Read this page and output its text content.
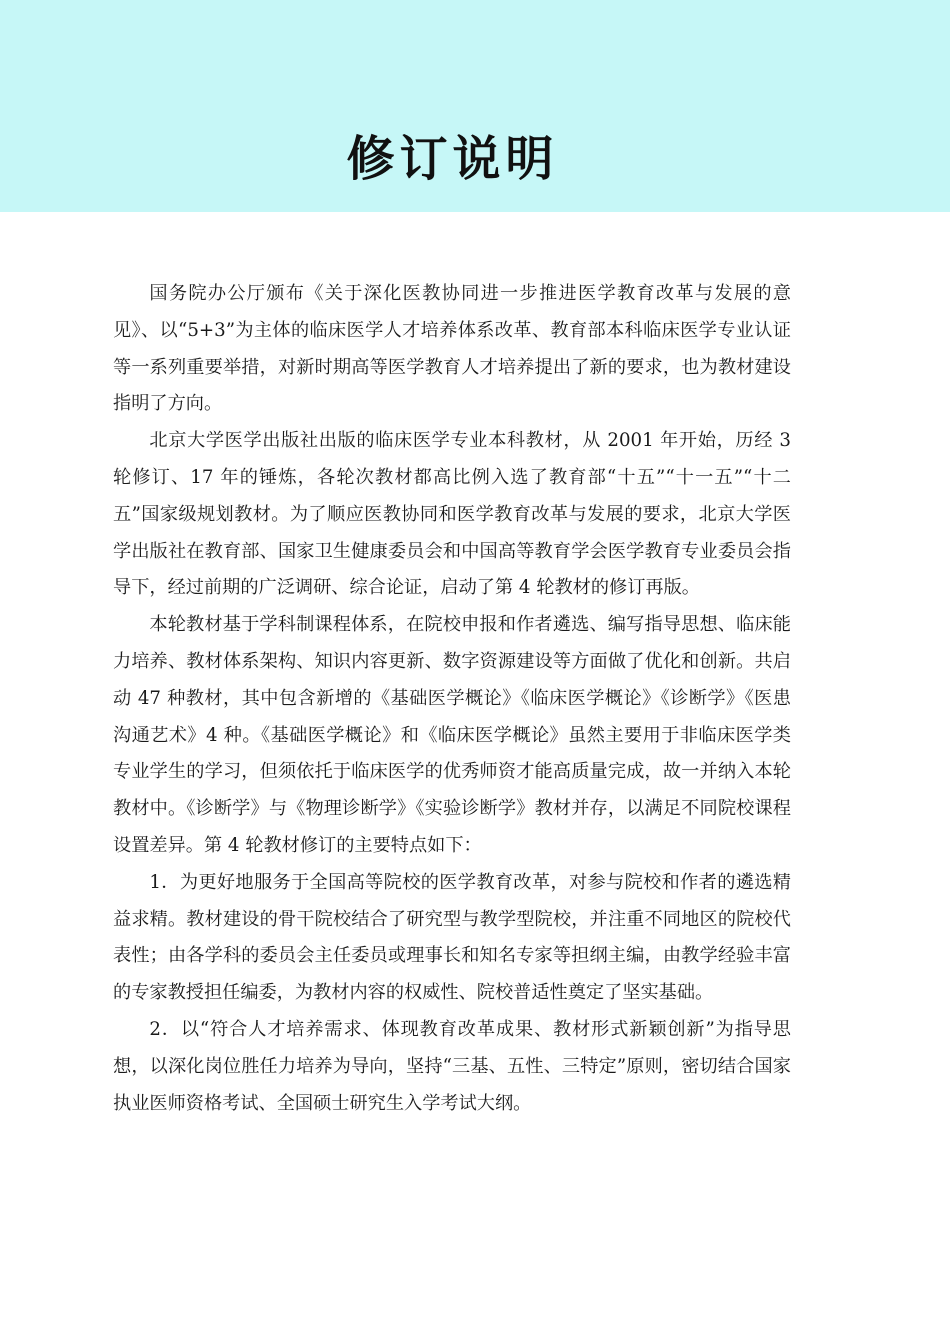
修订说明

国务院办公厅颁布《关于深化医教协同进一步推进医学教育改革与发展的意见》、以“5+3”为主体的临床医学人才培养体系改革、教育部本科临床医学专业认证等一系列重要举措，对新时期高等医学教育人才培养提出了新的要求，也为教材建设指明了方向。

北京大学医学出版社出版的临床医学专业本科教材，从 2001 年开始，历经 3 轮修订、17 年的锤炼，各轮次教材都高比例入选了教育部“十五”“十一五”“十二五”国家级规划教材。为了顺应医教协同和医学教育改革与发展的要求，北京大学医学出版社在教育部、国家卫生健康委员会和中国高等教育学会医学教育专业委员会指导下，经过前期的广泛调研、综合论证，启动了第 4 轮教材的修订再版。

本轮教材基于学科制课程体系，在院校申报和作者遴选、编写指导思想、临床能力培养、教材体系架构、知识内容更新、数字资源建设等方面做了优化和创新。共启动 47 种教材，其中包含新增的《基础医学概论》《临床医学概论》《诊断学》《医患沟通艺术》4 种。《基础医学概论》和《临床医学概论》虽然主要用于非临床医学类专业学生的学习，但须依托于临床医学的优秀师资才能高质量完成，故一并纳入本轮教材中。《诊断学》与《物理诊断学》《实验诊断学》教材并存，以满足不同院校课程设置差异。第 4 轮教材修订的主要特点如下：

1．为更好地服务于全国高等院校的医学教育改革，对参与院校和作者的遴选精益求精。教材建设的骨干院校结合了研究型与教学型院校，并注重不同地区的院校代表性；由各学科的委员会主任委员或理事长和知名专家等担纲主编，由教学经验丰富的专家教授担任编委，为教材内容的权威性、院校普适性奠定了坚实基础。

2．以“符合人才培养需求、体现教育改革成果、教材形式新颖创新”为指导思想，以深化岗位胜任力培养为导向，坚持“三基、五性、三特定”原则，密切结合国家执业医师资格考试、全国硕士研究生入学考试大纲。
